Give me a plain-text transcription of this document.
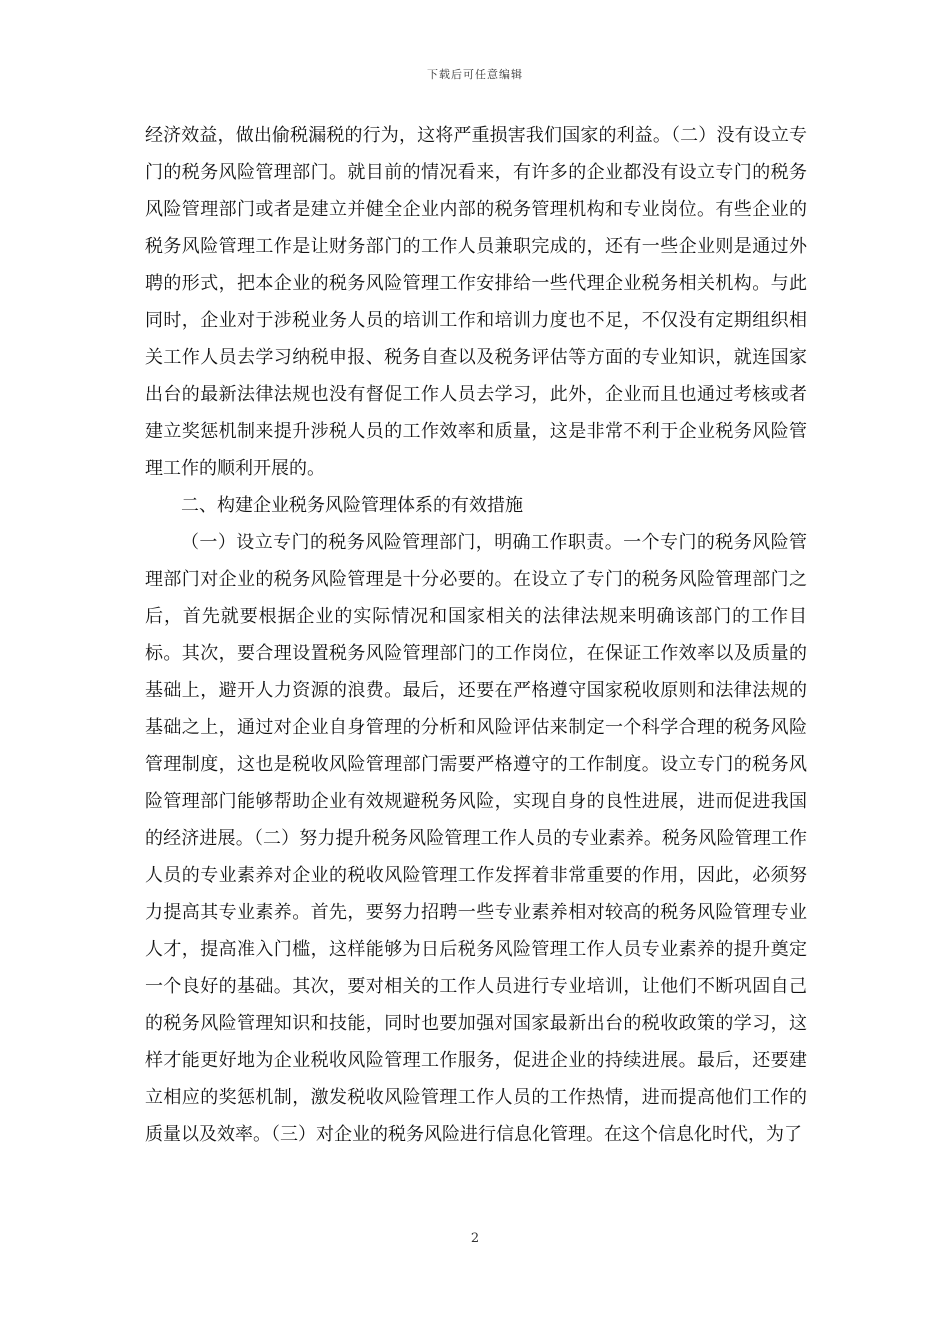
下载后可任意编辑

经济效益，做出偷税漏税的行为，这将严重损害我们国家的利益。（二）没有设立专门的税务风险管理部门。就目前的情况看来，有许多的企业都没有设立专门的税务风险管理部门或者是建立并健全企业内部的税务管理机构和专业岗位。有些企业的税务风险管理工作是让财务部门的工作人员兼职完成的，还有一些企业则是通过外聘的形式，把本企业的税务风险管理工作安排给一些代理企业税务相关机构。与此同时，企业对于涉税业务人员的培训工作和培训力度也不足，不仅没有定期组织相关工作人员去学习纳税申报、税务自查以及税务评估等方面的专业知识，就连国家出台的最新法律法规也没有督促工作人员去学习，此外，企业而且也通过考核或者建立奖惩机制来提升涉税人员的工作效率和质量，这是非常不利于企业税务风险管理工作的顺利开展的。

二、构建企业税务风险管理体系的有效措施

（一）设立专门的税务风险管理部门，明确工作职责。一个专门的税务风险管理部门对企业的税务风险管理是十分必要的。在设立了专门的税务风险管理部门之后，首先就要根据企业的实际情况和国家相关的法律法规来明确该部门的工作目标。其次，要合理设置税务风险管理部门的工作岗位，在保证工作效率以及质量的基础上，避开人力资源的浪费。最后，还要在严格遵守国家税收原则和法律法规的基础之上，通过对企业自身管理的分析和风险评估来制定一个科学合理的税务风险管理制度，这也是税收风险管理部门需要严格遵守的工作制度。设立专门的税务风险管理部门能够帮助企业有效规避税务风险，实现自身的良性进展，进而促进我国的经济进展。（二）努力提升税务风险管理工作人员的专业素养。税务风险管理工作人员的专业素养对企业的税收风险管理工作发挥着非常重要的作用，因此，必须努力提高其专业素养。首先，要努力招聘一些专业素养相对较高的税务风险管理专业人才，提高准入门槛，这样能够为日后税务风险管理工作人员专业素养的提升奠定一个良好的基础。其次，要对相关的工作人员进行专业培训，让他们不断巩固自己的税务风险管理知识和技能，同时也要加强对国家最新出台的税收政策的学习，这样才能更好地为企业税收风险管理工作服务，促进企业的持续进展。最后，还要建立相应的奖惩机制，激发税收风险管理工作人员的工作热情，进而提高他们工作的质量以及效率。（三）对企业的税务风险进行信息化管理。在这个信息化时代，为了

2
